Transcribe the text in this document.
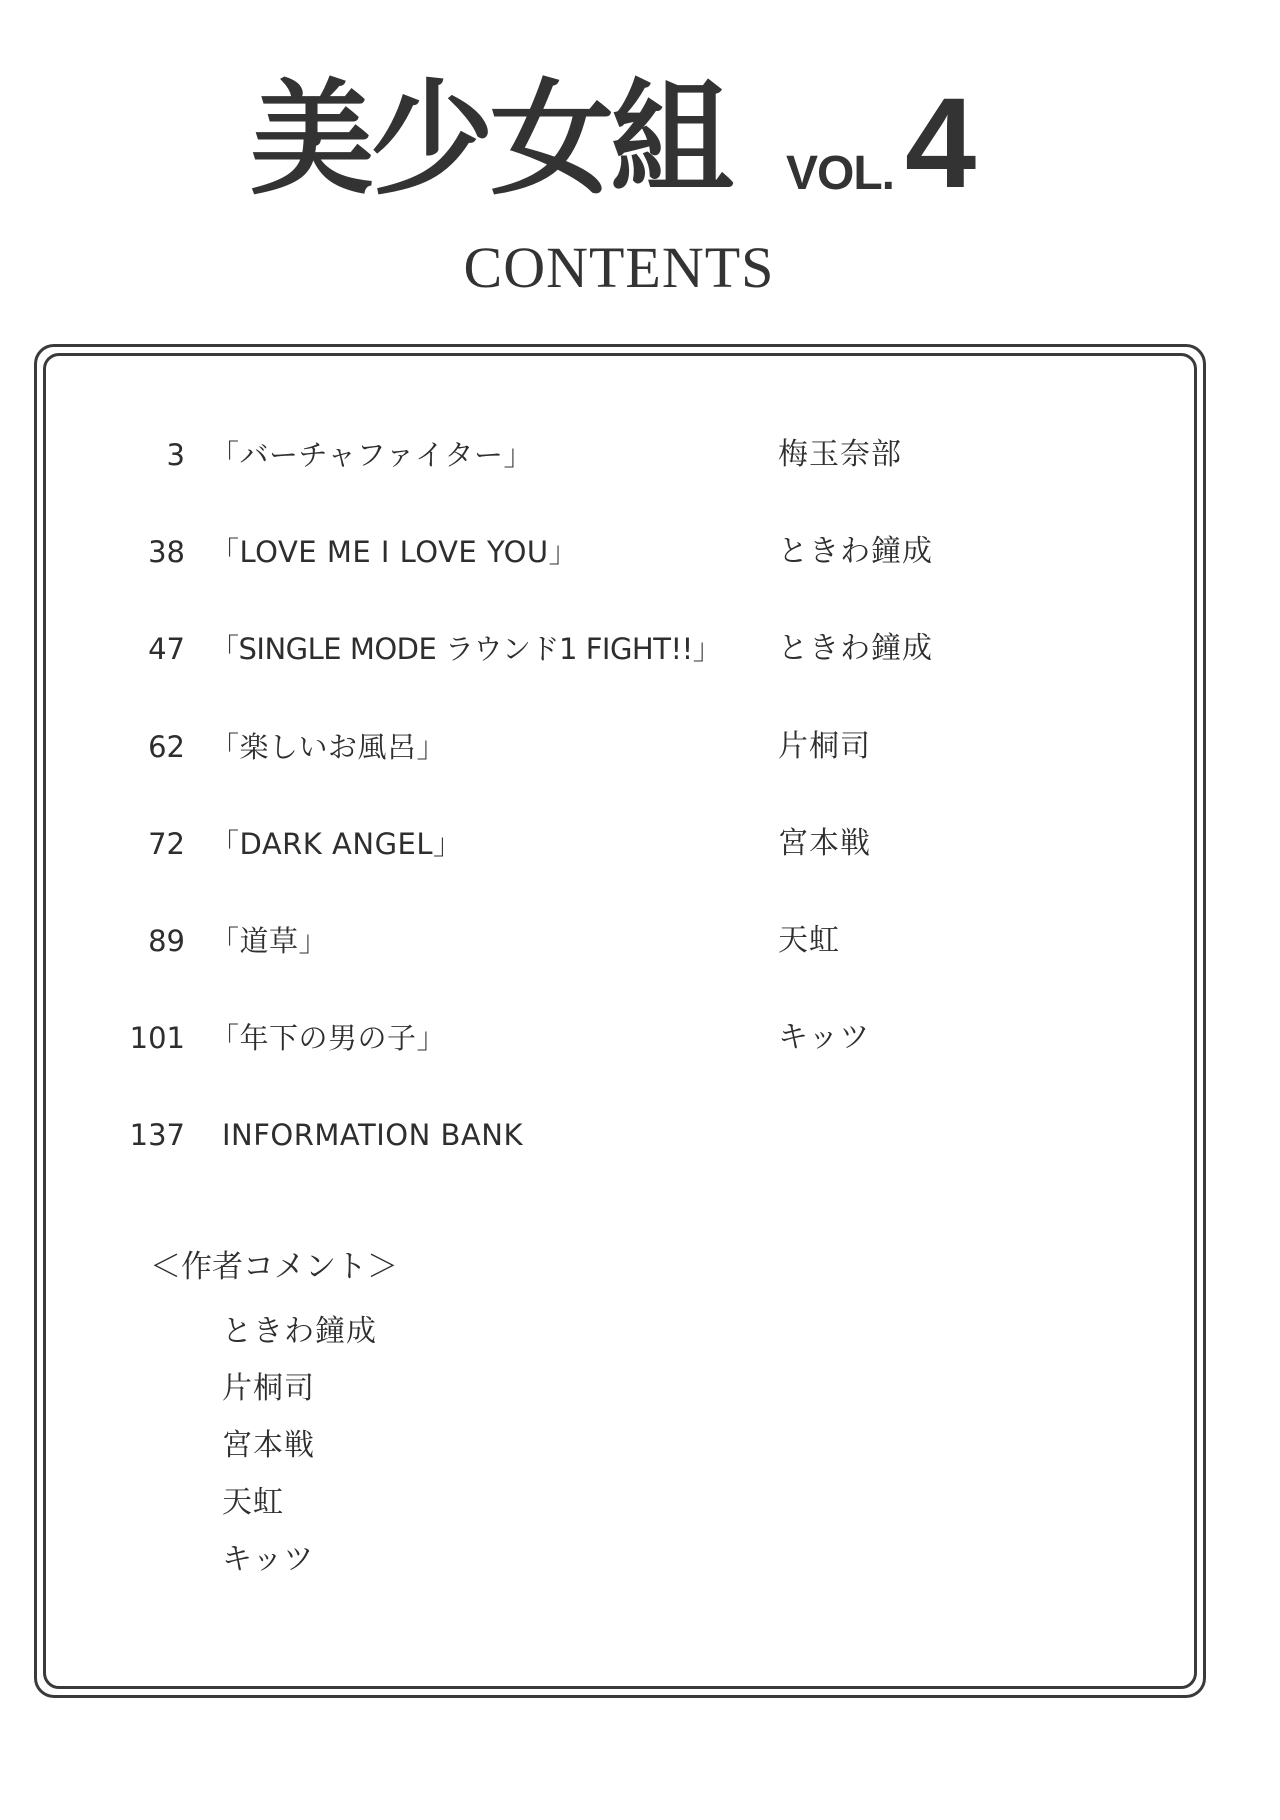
美少女組 VOL. 4
CONTENTS
3 「バーチャファイター」	梅玉奈部
38 「LOVE ME I LOVE YOU」	ときわ鐘成
47 「SINGLE MODE ラウンド1 FIGHT!!」 ときわ鐘成
62 「楽しいお風呂」	片桐司
72 「DARK ANGEL」	宮本戦
89 「道草」	天虹
101 「年下の男の子」	キッツ
137 INFORMATION BANK
＜作者コメント＞
ときわ鐘成
片桐司
宮本戦
天虹
キッツ
